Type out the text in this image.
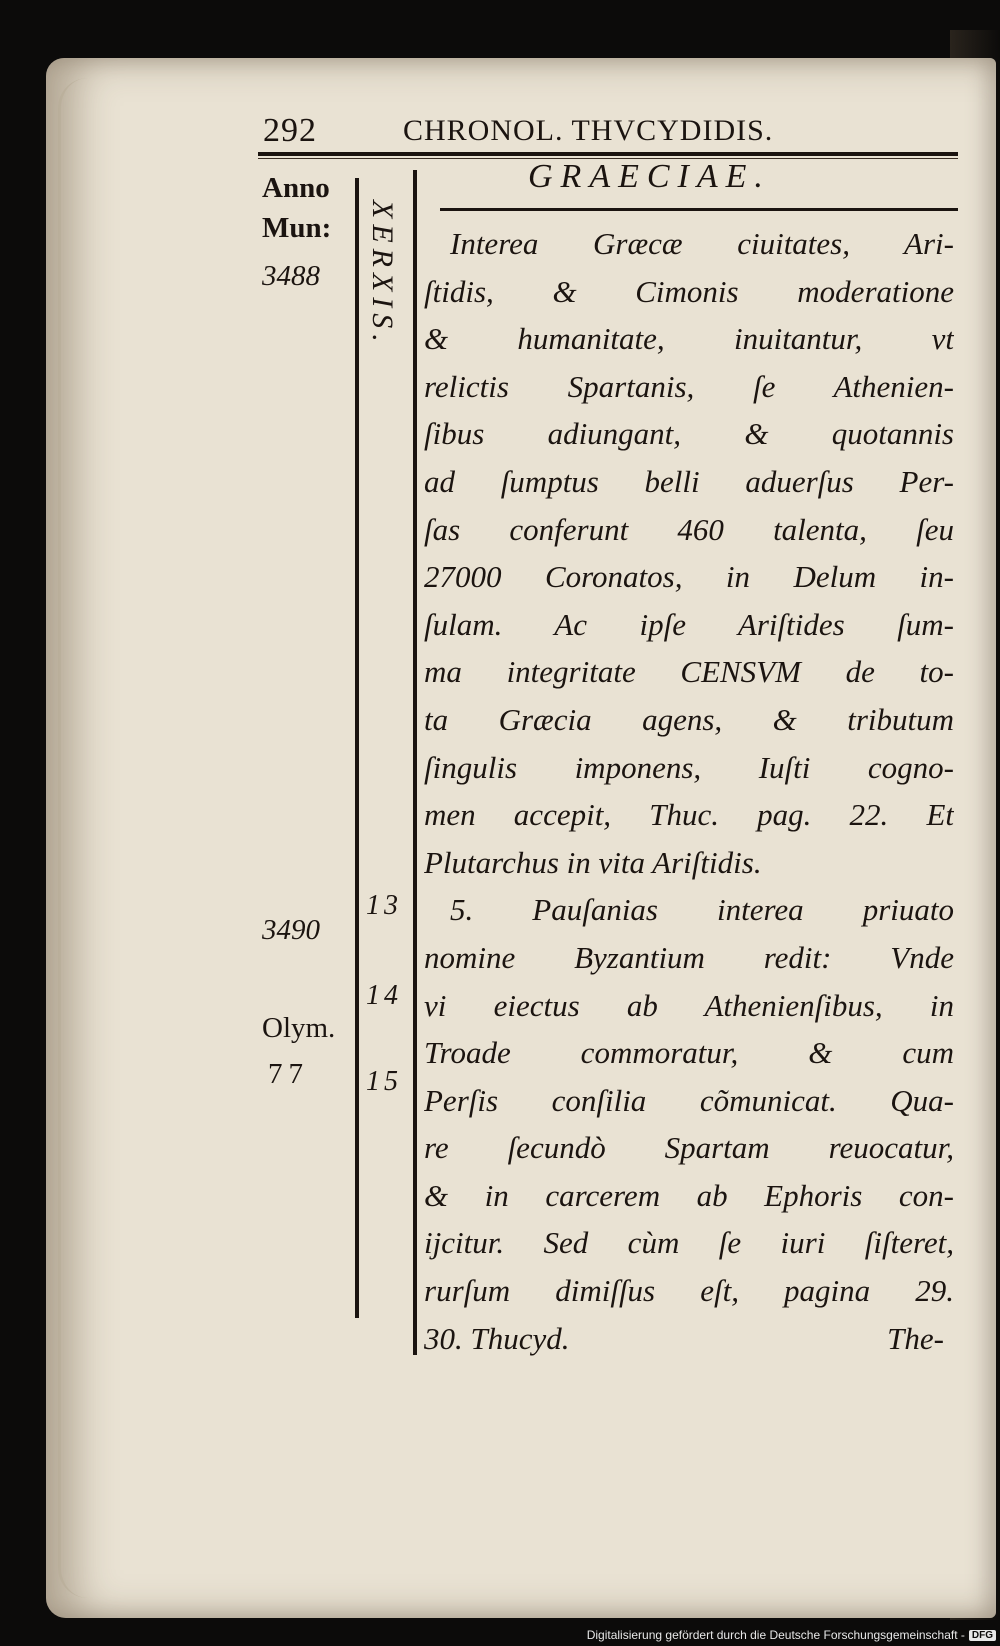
292	CHRONOL. THVCYDIDIS.
Anno
Mun:
3488
3490
Olym.
77
XERXIS.
13
14
15
GRAECIAE.
Interea Græcæ ciuitates, Ari-
ſtidis, & Cimonis moderatione
& humanitate, inuitantur, vt
relictis Spartanis, ſe Athenien-
ſibus adiungant, & quotannis
ad ſumptus belli aduerſus Per-
ſas conferunt 460 talenta, ſeu
27000 Coronatos, in Delum in-
ſulam. Ac ipſe Ariſtides ſum-
ma integritate CENSVM de to-
ta Græcia agens, & tributum
ſingulis imponens, Iuſti cogno-
men accepit, Thuc. pag. 22. Et
Plutarchus in vita Ariſtidis.
5. Pauſanias interea priuato
nomine Byzantium redit: Vnde
vi eiectus ab Athenienſibus, in
Troade commoratur, & cum
Perſis conſilia cõmunicat. Qua-
re ſecundò Spartam reuocatur,
& in carcerem ab Ephoris con-
ijcitur. Sed cùm ſe iuri ſiſteret,
rurſum dimiſſus eſt, pagina 29.
30. Thucyd.	The-
Digitalisierung gefördert durch die Deutsche Forschungsgemeinschaft - DFG
